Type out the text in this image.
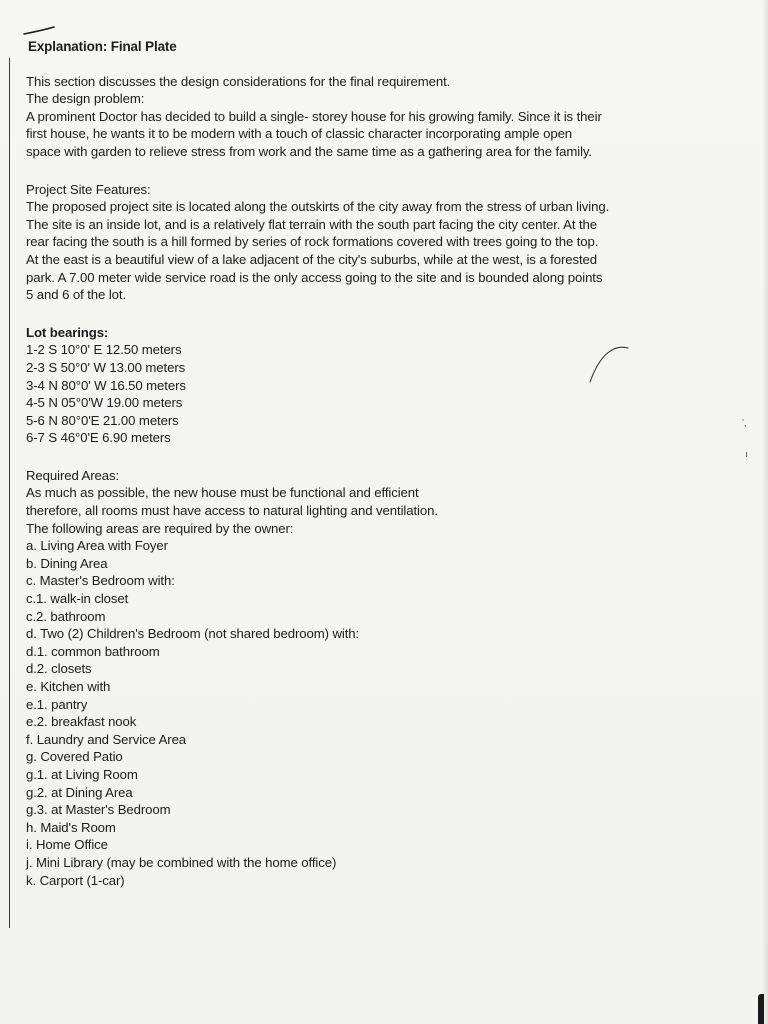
ʼ,

Explanation: Final Plate

This section discusses the design considerations for the final requirement.

The design problem:

A prominent Doctor has decided to build a single- storey house for his growing family. Since it is their

first house, he wants it to be modern with a touch of classic character incorporating ample open

space with garden to relieve stress from work and the same time as a gathering area for the family.

Project Site Features:

The proposed project site is located along the outskirts of the city away from the stress of urban living.

The site is an inside lot, and is a relatively flat terrain with the south part facing the city center. At the

rear facing the south is a hill formed by series of rock formations covered with trees going to the top.

At the east is a beautiful view of a lake adjacent of the city's suburbs, while at the west, is a forested

park. A 7.00 meter wide service road is the only access going to the site and is bounded along points

5 and 6 of the lot.

Lot bearings:

1-2 S 10°0' E 12.50 meters
2-3 S 50°0' W 13.00 meters
3-4 N 80°0' W 16.50 meters
4-5 N 05°0'W 19.00 meters
5-6 N 80°0'E 21.00 meters
6-7 S 46°0'E 6.90 meters

Required Areas:

As much as possible, the new house must be functional and efficient

therefore, all rooms must have access to natural lighting and ventilation.

The following areas are required by the owner:

a. Living Area with Foyer
b. Dining Area
c. Master's Bedroom with:
c.1. walk-in closet
c.2. bathroom
d. Two (2) Children's Bedroom (not shared bedroom) with:
d.1. common bathroom
d.2. closets
e. Kitchen with
e.1. pantry
e.2. breakfast nook
f. Laundry and Service Area
g. Covered Patio
g.1. at Living Room
g.2. at Dining Area
g.3. at Master's Bedroom
h. Maid's Room
i. Home Office
j. Mini Library (may be combined with the home office)
k. Carport (1-car)
